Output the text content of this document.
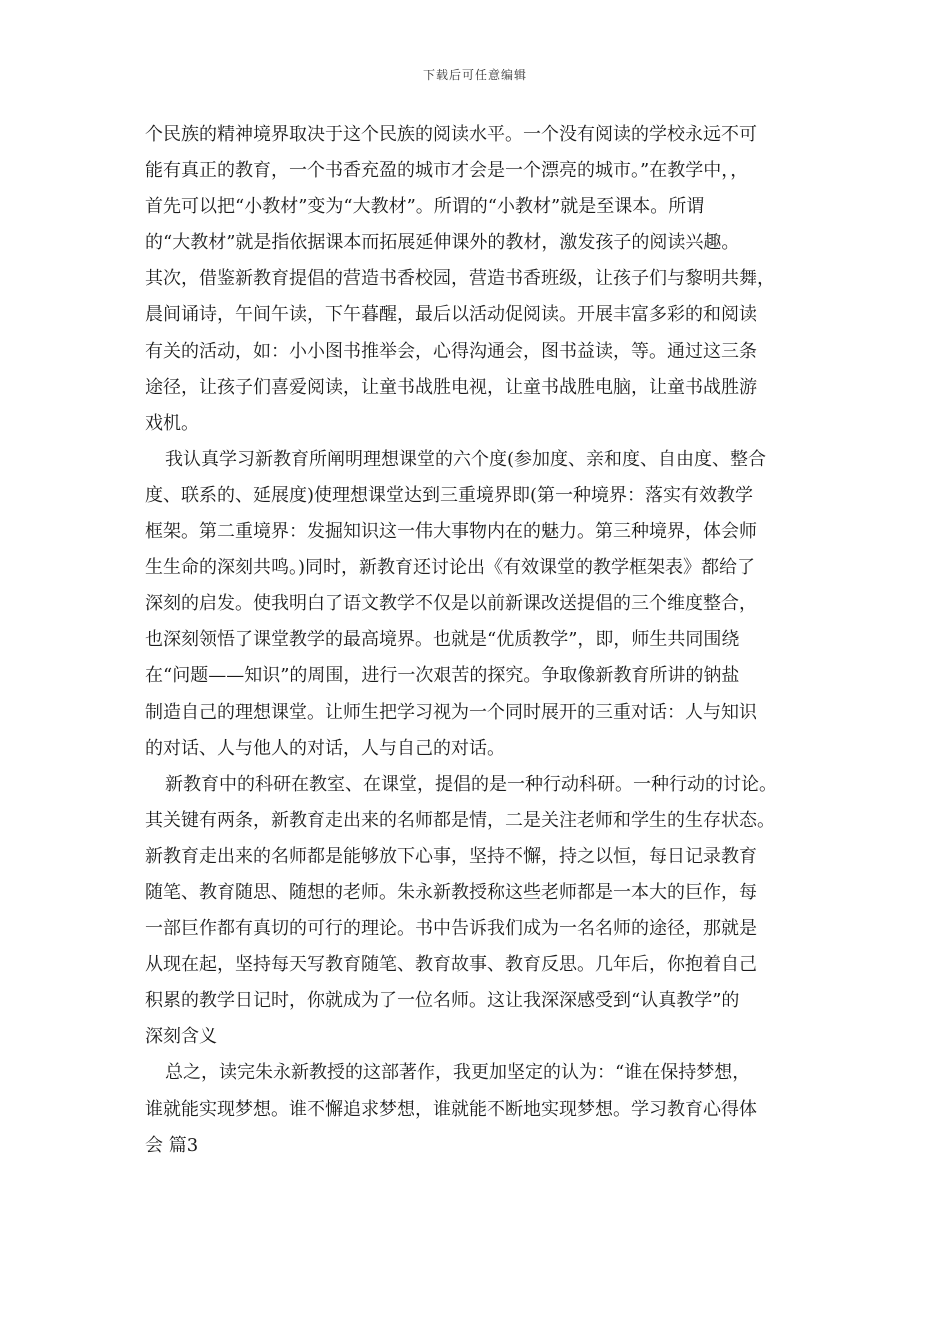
下载后可任意编辑
个民族的精神境界取决于这个民族的阅读水平。一个没有阅读的学校永远不可
能有真正的教育，一个书香充盈的城市才会是一个漂亮的城市。”在教学中，，
首先可以把“小教材”变为“大教材”。所谓的“小教材”就是至课本。所谓
的“大教材”就是指依据课本而拓展延伸课外的教材，激发孩子的阅读兴趣。
其次，借鉴新教育提倡的营造书香校园，营造书香班级，让孩子们与黎明共舞，
晨间诵诗，午间午读，下午暮醒，最后以活动促阅读。开展丰富多彩的和阅读
有关的活动，如：小小图书推举会，心得沟通会，图书益读，等。通过这三条
途径，让孩子们喜爱阅读，让童书战胜电视，让童书战胜电脑，让童书战胜游
戏机。
我认真学习新教育所阐明理想课堂的六个度(参加度、亲和度、自由度、整合
度、联系的、延展度)使理想课堂达到三重境界即(第一种境界：落实有效教学
框架。第二重境界：发掘知识这一伟大事物内在的魅力。第三种境界，体会师
生生命的深刻共鸣。)同时，新教育还讨论出《有效课堂的教学框架表》都给了
深刻的启发。使我明白了语文教学不仅是以前新课改送提倡的三个维度整合，
也深刻领悟了课堂教学的最高境界。也就是“优质教学”，即，师生共同围绕
在“问题——知识”的周围，进行一次艰苦的探究。争取像新教育所讲的钠盐
制造自己的理想课堂。让师生把学习视为一个同时展开的三重对话：人与知识
的对话、人与他人的对话，人与自己的对话。
新教育中的科研在教室、在课堂，提倡的是一种行动科研。一种行动的讨论。
其关键有两条，新教育走出来的名师都是情，二是关注老师和学生的生存状态。
新教育走出来的名师都是能够放下心事，坚持不懈，持之以恒，每日记录教育
随笔、教育随思、随想的老师。朱永新教授称这些老师都是一本大的巨作，每
一部巨作都有真切的可行的理论。书中告诉我们成为一名名师的途径，那就是
从现在起，坚持每天写教育随笔、教育故事、教育反思。几年后，你抱着自己
积累的教学日记时，你就成为了一位名师。这让我深深感受到“认真教学”的
深刻含义
总之，读完朱永新教授的这部著作，我更加坚定的认为：“谁在保持梦想，
谁就能实现梦想。谁不懈追求梦想，谁就能不断地实现梦想。学习教育心得体
会 篇3
